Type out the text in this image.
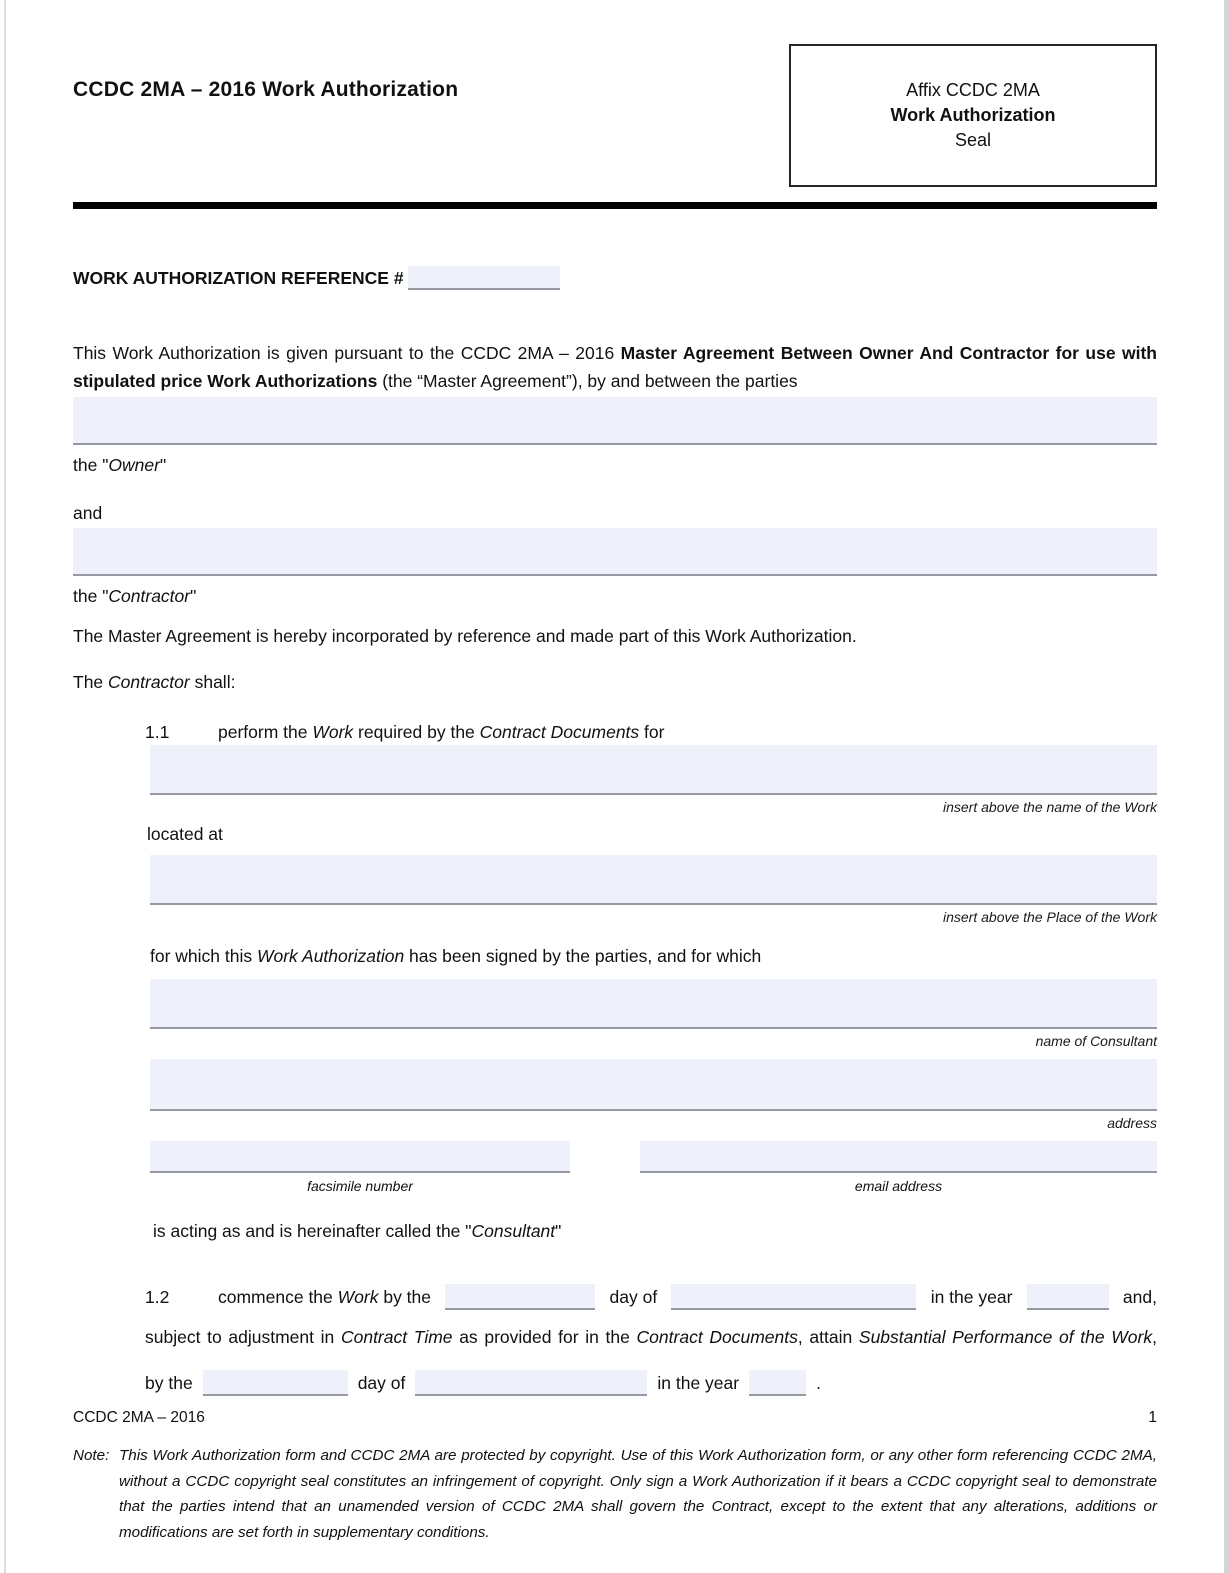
CCDC 2MA – 2016 Work Authorization	Affix CCDC 2MA
Work Authorization
Seal
WORK AUTHORIZATION REFERENCE #
This Work Authorization is given pursuant to the CCDC 2MA – 2016 Master Agreement Between Owner And Contractor for use with stipulated price Work Authorizations (the “Master Agreement”), by and between the parties
the "Owner"
and
the "Contractor"
The Master Agreement is hereby incorporated by reference and made part of this Work Authorization.
The Contractor shall:
1.1	perform the Work required by the Contract Documents for
insert above the name of the Work
located at
insert above the Place of the Work
for which this Work Authorization has been signed by the parties, and for which
name of Consultant
address
facsimile number	email address
is acting as and is hereinafter called the "Consultant"
1.2	commence the Work by the	day of	in the year	and,
subject to adjustment in Contract Time as provided for in the Contract Documents, attain Substantial Performance of the Work,
by the	day of	in the year	.
CCDC 2MA – 2016	1
Note: This Work Authorization form and CCDC 2MA are protected by copyright. Use of this Work Authorization form, or any other form referencing CCDC 2MA, without a CCDC copyright seal constitutes an infringement of copyright. Only sign a Work Authorization if it bears a CCDC copyright seal to demonstrate that the parties intend that an unamended version of CCDC 2MA shall govern the Contract, except to the extent that any alterations, additions or modifications are set forth in supplementary conditions.
